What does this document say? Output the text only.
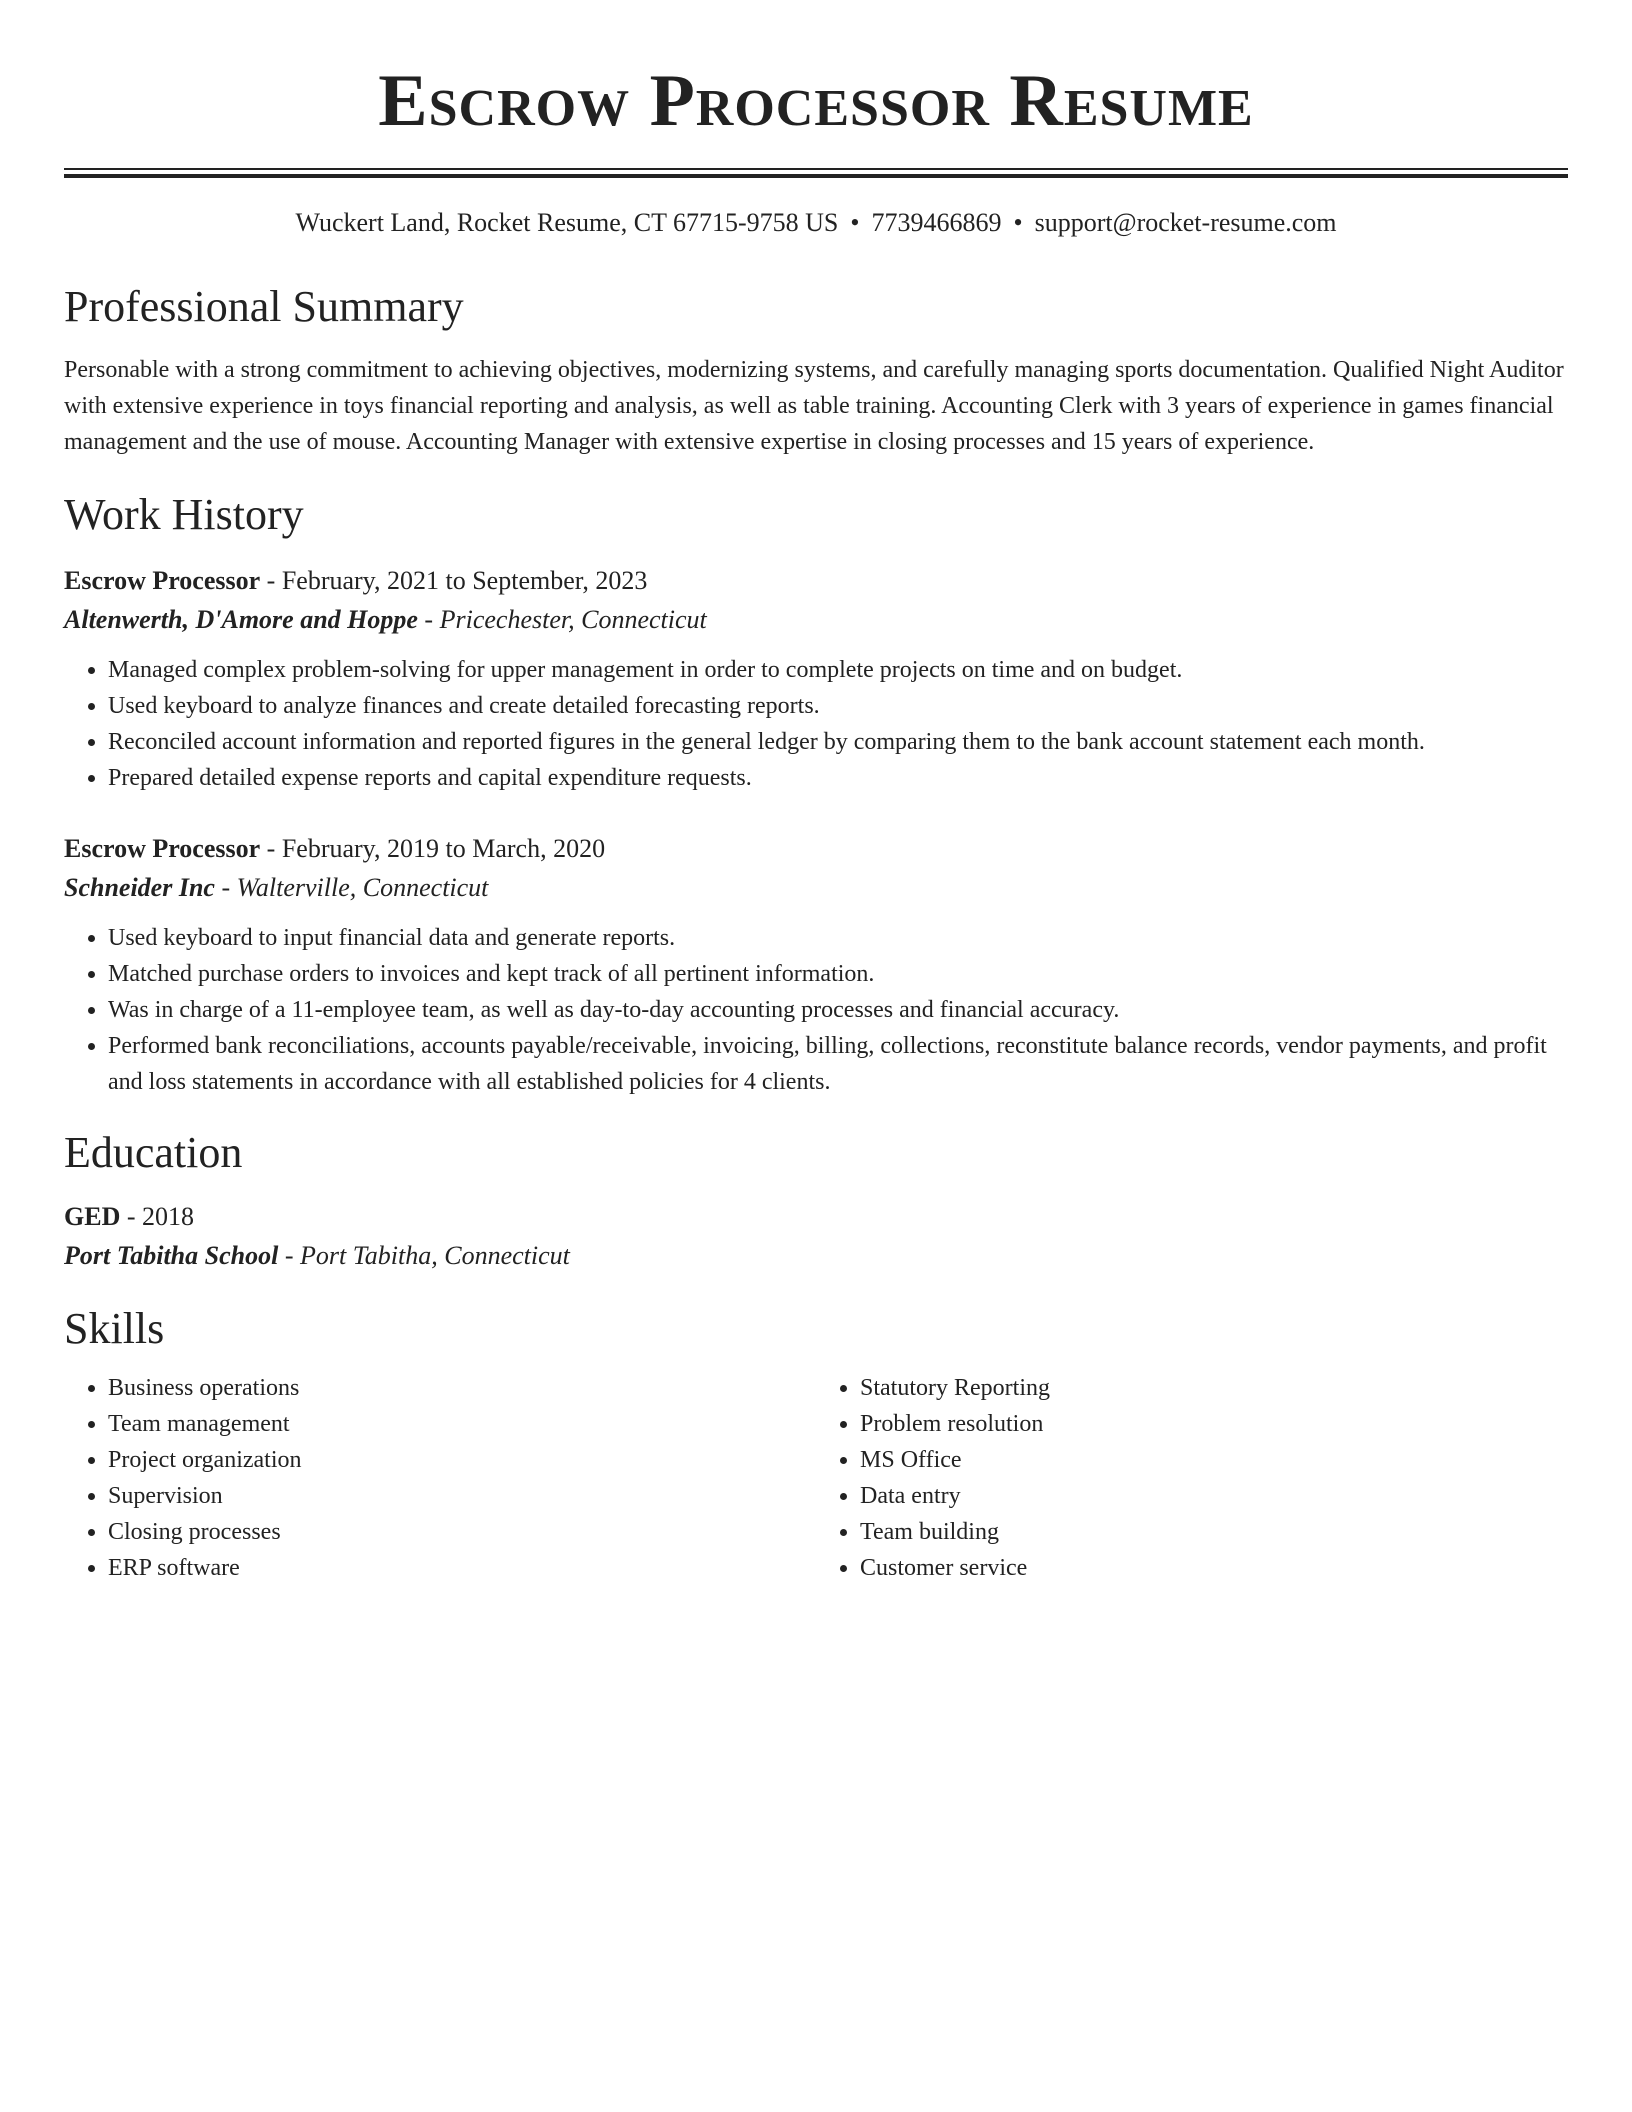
Escrow Processor Resume
Wuckert Land, Rocket Resume, CT 67715-9758 US • 7739466869 • support@rocket-resume.com
Professional Summary

Personable with a strong commitment to achieving objectives, modernizing systems, and carefully managing sports documentation. Qualified Night Auditor with extensive experience in toys financial reporting and analysis, as well as table training. Accounting Clerk with 3 years of experience in games financial management and the use of mouse. Accounting Manager with extensive expertise in closing processes and 15 years of experience.

Work History
Escrow Processor - February, 2021 to September, 2023
Altenwerth, D'Amore and Hoppe - Pricechester, Connecticut
• Managed complex problem-solving for upper management in order to complete projects on time and on budget.
• Used keyboard to analyze finances and create detailed forecasting reports.
• Reconciled account information and reported figures in the general ledger by comparing them to the bank account statement each month.
• Prepared detailed expense reports and capital expenditure requests.
Escrow Processor - February, 2019 to March, 2020
Schneider Inc - Walterville, Connecticut
• Used keyboard to input financial data and generate reports.
• Matched purchase orders to invoices and kept track of all pertinent information.
• Was in charge of a 11-employee team, as well as day-to-day accounting processes and financial accuracy.
• Performed bank reconciliations, accounts payable/receivable, invoicing, billing, collections, reconstitute balance records, vendor payments, and profit and loss statements in accordance with all established policies for 4 clients.
Education
GED - 2018
Port Tabitha School - Port Tabitha, Connecticut
Skills
• Business operations
• Team management
• Project organization
• Supervision
• Closing processes
• ERP software
• Statutory Reporting
• Problem resolution
• MS Office
• Data entry
• Team building
• Customer service
